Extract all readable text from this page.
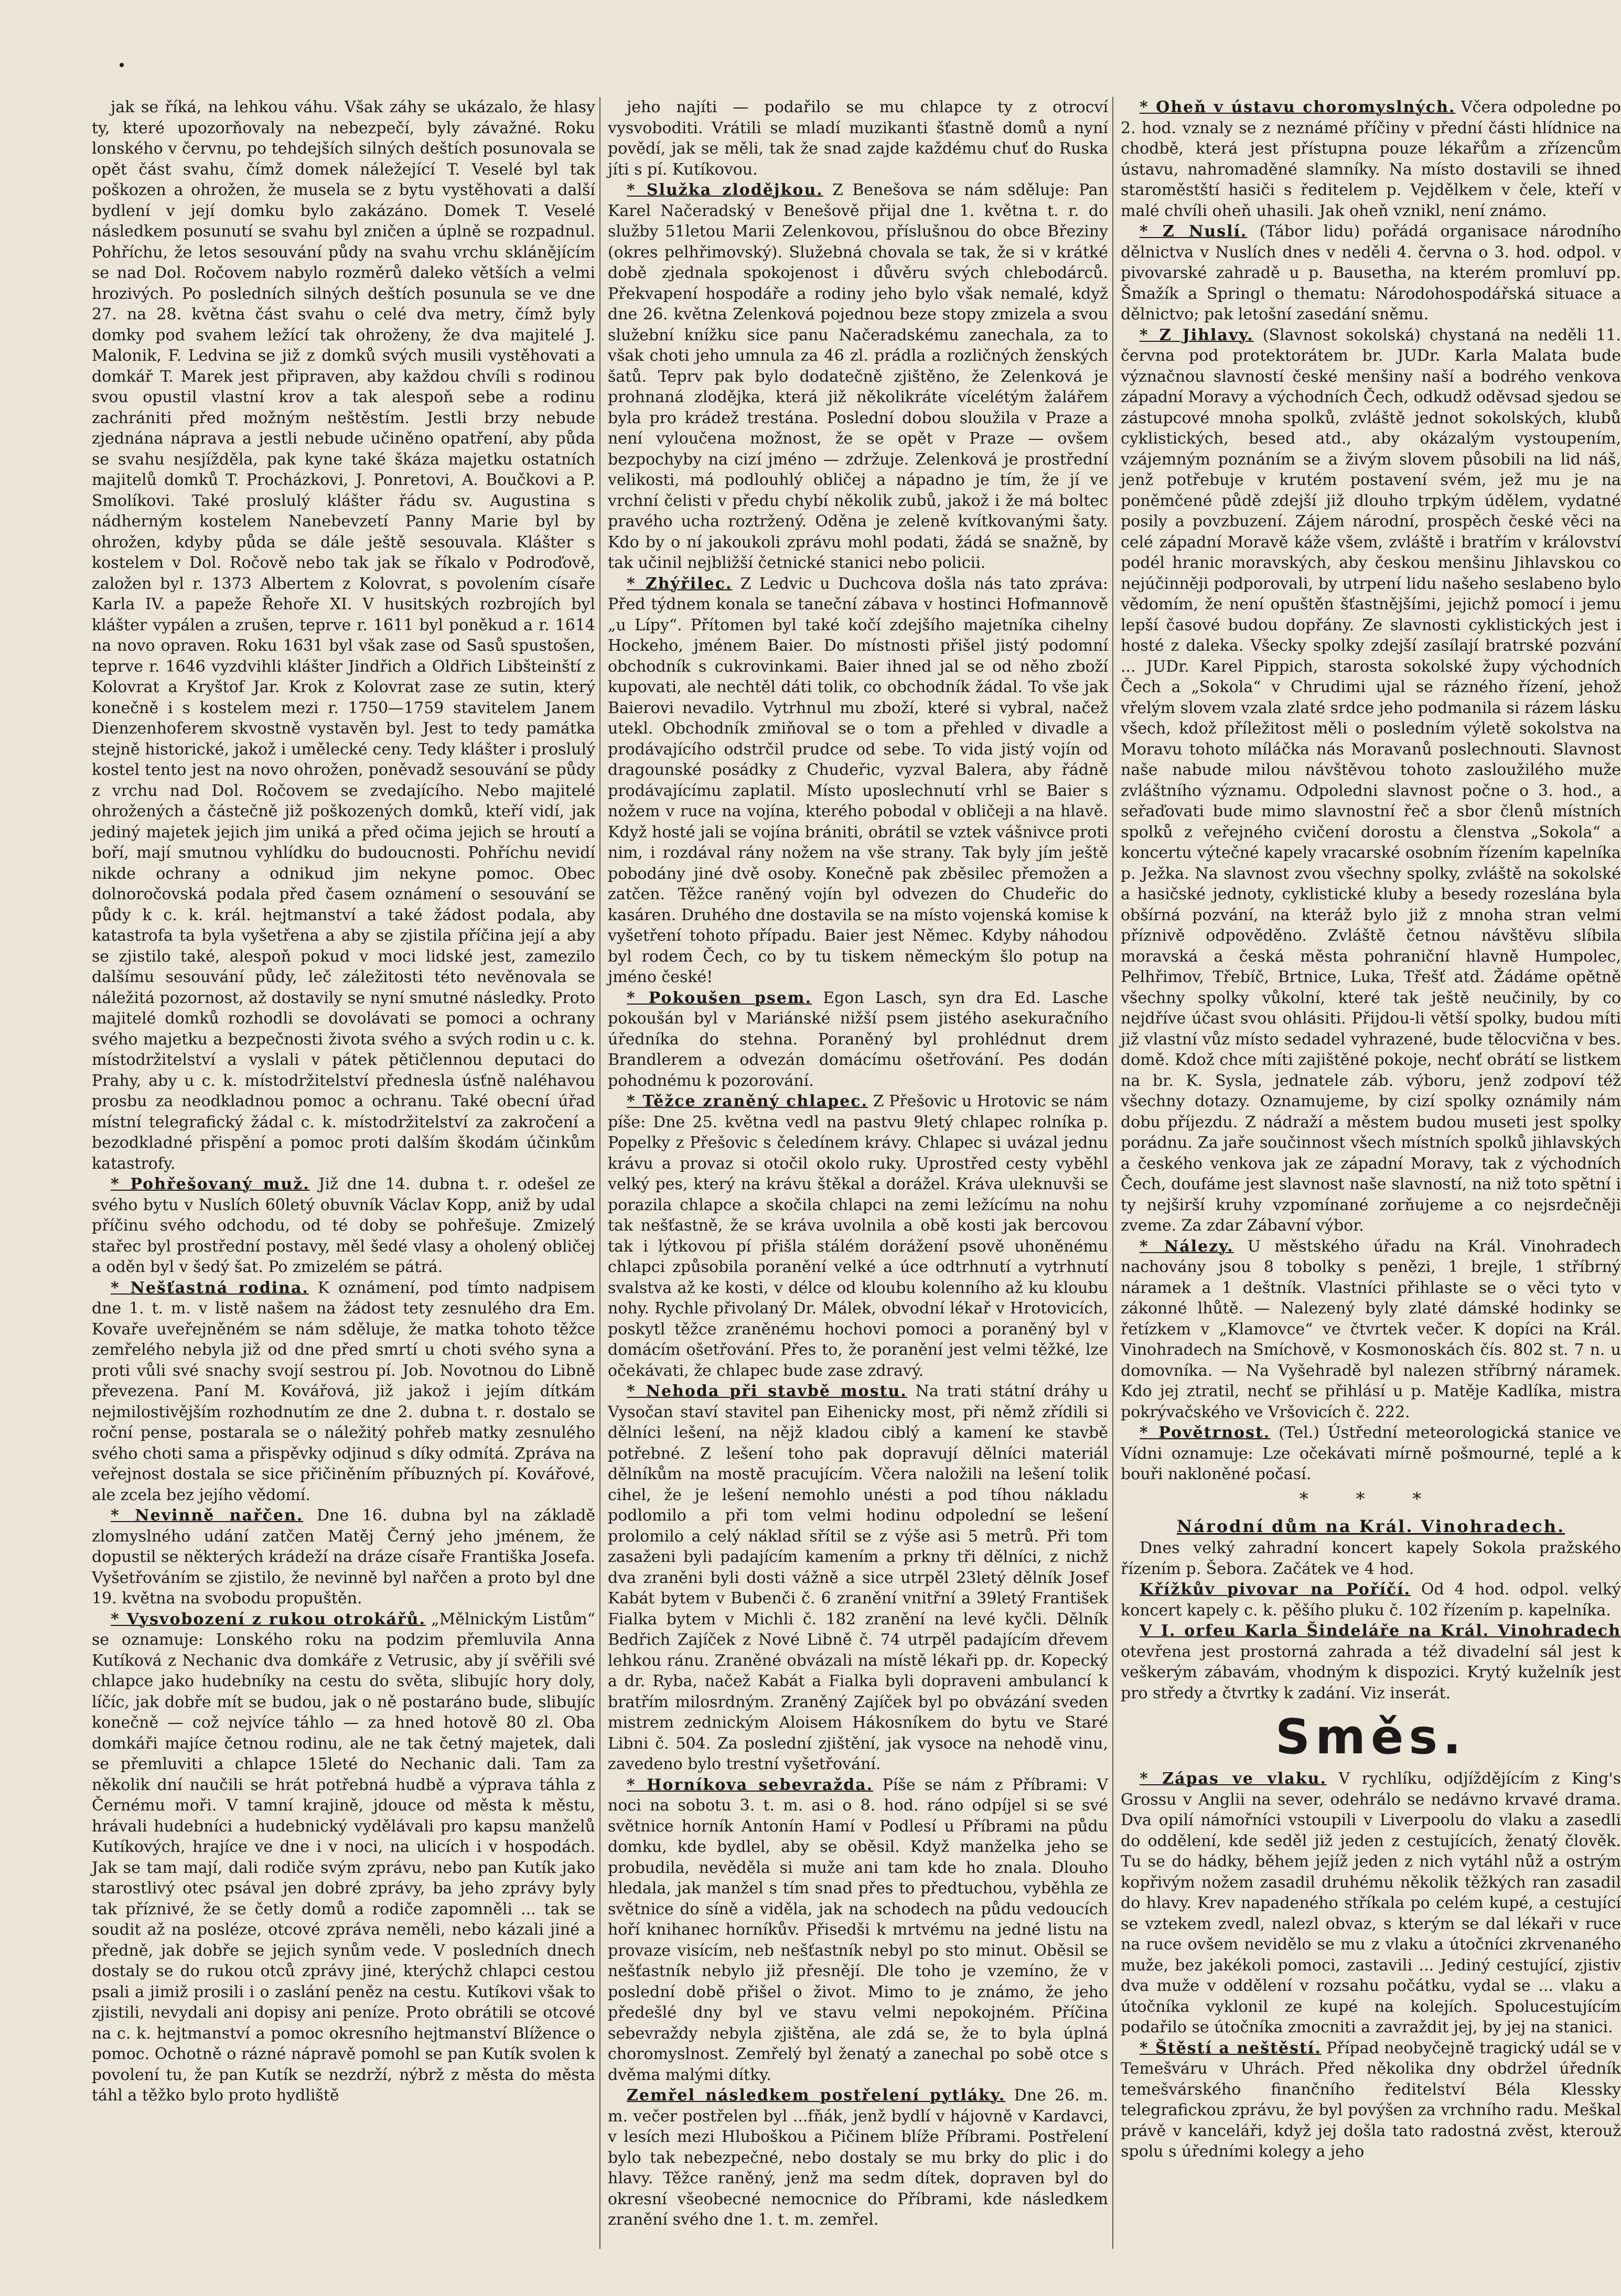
jak se říká, na lehkou váhu. Však záhy se ukázalo, že hlasy ty, které upozorňovaly na nebezpečí, byly závažné. Roku lonského v červnu, po tehdejších silných deštích posunovala se opět část svahu, čímž domek náležející T. Veselé byl tak poškozen a ohrožen, že musela se z bytu vystěhovati a další bydlení v její domku bylo zakázáno. Domek T. Veselé následkem posunutí se svahu byl zničen a úplně se rozpadnul. Pohříchu, že letos sesouvání půdy na svahu vrchu sklánějícím se nad Dol. Ročovem nabylo rozměrů daleko větších a velmi hrozivých. Po posledních silných deštích posunula se ve dne 27. na 28. května část svahu o celé dva metry, čímž byly domky pod svahem ležící tak ohroženy, že dva majitelé J. Malonik, F. Ledvina se již z domků svých musili vystěhovati a domkář T. Marek jest připraven, aby každou chvíli s rodinou svou opustil vlastní krov a tak alespoň sebe a rodinu zachrániti před možným neštěstím. Jestli brzy nebude zjednána náprava a jestli nebude učiněno opatření, aby půda se svahu nesjížděla, pak kyne také škáza majetku ostatních majitelů domků T. Procházkovi, J. Ponretovi, A. Boučkovi a P. Smolíkovi. Také proslulý klášter řádu sv. Augustina s nádherným kostelem Nanebevzetí Panny Marie byl by ohrožen, kdyby půda se dále ještě sesouvala. Klášter s kostelem v Dol. Ročově nebo tak jak se říkalo v Podroďově, založen byl r. 1373 Albertem z Kolovrat, s povolením císaře Karla IV. a papeže Řehoře XI. V husitských rozbrojích byl klášter vypálen a zrušen, teprve r. 1611 byl poněkud a r. 1614 na novo opraven. Roku 1631 byl však zase od Sasů spustošen, teprve r. 1646 vyzdvihli klášter Jindřich a Oldřich Libšteinští z Kolovrat a Kryštof Jar. Krok z Kolovrat zase ze sutin, který konečně i s kostelem mezi r. 1750—1759 stavitelem Janem Dienzenhoferem skvostně vystavěn byl. Jest to tedy památka stejně historické, jakož i umělecké ceny. Tedy klášter i proslulý kostel tento jest na novo ohrožen, poněvadž sesouvání se půdy z vrchu nad Dol. Ročovem se zvedajícího. Nebo majitelé ohrožených a částečně již poškozených domků, kteří vidí, jak jediný majetek jejich jim uniká a před očima jejich se hroutí a boří, mají smutnou vyhlídku do budoucnosti. Pohříchu nevidí nikde ochrany a odnikud jim nekyne pomoc. Obec dolnoročovská podala před časem oznámení o sesouvání se půdy k c. k. král. hejtmanství a také žádost podala, aby katastrofa ta byla vyšetřena a aby se zjistila příčina její a aby se zjistilo také, alespoň pokud v moci lidské jest, zamezilo dalšímu sesouvání půdy, leč záležitosti této nevěnovala se náležitá pozornost, až dostavily se nyní smutné následky. Proto majitelé domků rozhodli se dovolávati se pomoci a ochrany svého majetku a bezpečnosti života svého a svých rodin u c. k. místodržitelství a vyslali v pátek pětičlennou deputaci do Prahy, aby u c. k. místodržitelství přednesla úsťně naléhavou prosbu za neodkladnou pomoc a ochranu. Také obecní úřad místní telegrafický žádal c. k. místodržitelství za zakročení a bezodkladné přispění a pomoc proti dalším škodám účinkům katastrofy.

* Pohřešovaný muž. Již dne 14. dubna t. r. odešel ze svého bytu v Nuslích 60letý obuvník Václav Kopp, aniž by udal příčinu svého odchodu, od té doby se pohřešuje. Zmizelý stařec byl prostřední postavy, měl šedé vlasy a oholený obličej a oděn byl v šedý šat. Po zmizelém se pátrá.

* Nešťastná rodina. K oznámení, pod tímto nadpisem dne 1. t. m. v listě našem na žádost tety zesnulého dra Em. Kovaře uveřejněném se nám sděluje, že matka tohoto těžce zemřelého nebyla již od dne před smrtí u choti svého syna a proti vůli své snachy svojí sestrou pí. Job. Novotnou do Libně převezena. Paní M. Kovářová, již jakož i jejím dítkám nejmilostivějším rozhodnutím ze dne 2. dubna t. r. dostalo se roční pense, postarala se o náležitý pohřeb matky zesnulého svého choti sama a přispěvky odjinud s díky odmítá. Zpráva na veřejnost dostala se sice přičiněním příbuzných pí. Kovářové, ale zcela bez jejího vědomí.

* Nevinně nařčen. Dne 16. dubna byl na základě zlomyslného udání zatčen Matěj Černý jeho jménem, že dopustil se některých krádeží na dráze císaře Františka Josefa. Vyšetřováním se zjistilo, že nevinně byl nařčen a proto byl dne 19. května na svobodu propuštěn.

* Vysvobození z rukou otrokářů. „Mělnickým Listům“ se oznamuje: Lonského roku na podzim přemluvila Anna Kutíková z Nechanic dva domkáře z Vetrusic, aby jí svěřili své chlapce jako hudebníky na cestu do světa, slibujíc hory doly, líčíc, jak dobře mít se budou, jak o ně postaráno bude, slibujíc konečně — což nejvíce táhlo — za hned hotově 80 zl. Oba domkáři majíce četnou rodinu, ale ne tak četný majetek, dali se přemluviti a chlapce 15leté do Nechanic dali. Tam za několik dní naučili se hrát potřebná hudbě a výprava táhla z Černému moři. V tamní krajině, jdouce od města k městu, hrávali hudebníci a hudebnický vydělávali pro kapsu manželů Kutíkových, hrajíce ve dne i v noci, na ulicích i v hospodách. Jak se tam mají, dali rodiče svým zprávu, nebo pan Kutík jako starostlivý otec psával jen dobré zprávy, ba jeho zprávy byly tak příznivé, že se četly domů a rodiče zapomněli ... tak se soudit až na posléze, otcové zpráva neměli, nebo kázali jiné a předně, jak dobře se jejich synům vede. V posledních dnech dostaly se do rukou otců zprávy jiné, kterýchž chlapci cestou psali a jimiž prosili i o zaslání peněz na cestu. Kutíkovi však to zjistili, nevydali ani dopisy ani peníze. Proto obrátili se otcové na c. k. hejtmanství a pomoc okresního hejtmanství Blížence o pomoc. Ochotně o rázné nápravě pomohl se pan Kutík svolen k povolení tu, že pan Kutík se nezdrží, nýbrž z města do města táhl a těžko bylo proto hydliště

jeho najíti — podařilo se mu chlapce ty z otrocví vysvoboditi. Vrátili se mladí muzikanti šťastně domů a nyní povědí, jak se měli, tak že snad zajde každému chuť do Ruska jíti s pí. Kutíkovou.

* Služka zlodějkou. Z Benešova se nám sděluje: Pan Karel Načeradský v Benešově přijal dne 1. května t. r. do služby 51letou Marii Zelenkovou, příslušnou do obce Březiny (okres pelhřimovský). Služebná chovala se tak, že si v krátké době zjednala spokojenost i důvěru svých chlebodárců. Překvapení hospodáře a rodiny jeho bylo však nemalé, když dne 26. května Zelenková pojednou beze stopy zmizela a svou služební knížku sice panu Načeradskému zanechala, za to však choti jeho umnula za 46 zl. prádla a rozličných ženských šatů. Teprv pak bylo dodatečně zjištěno, že Zelenková je prohnaná zlodějka, která již několikráte vícelétým žalářem byla pro krádež trestána. Poslední dobou sloužila v Praze a není vyloučena možnost, že se opět v Praze — ovšem bezpochyby na cizí jméno — zdržuje. Zelenková je prostřední velikosti, má podlouhlý obličej a nápadno je tím, že jí ve vrchní čelisti v předu chybí několik zubů, jakož i že má boltec pravého ucha roztržený. Oděna je zeleně kvítkovanými šaty. Kdo by o ní jakoukoli zprávu mohl podati, žádá se snažně, by tak učinil nejbližší četnické stanici nebo policii.

* Zhýřilec. Z Ledvic u Duchcova došla nás tato zpráva: Před týdnem konala se taneční zábava v hostinci Hofmannově „u Lípy“. Přítomen byl také kočí zdejšího majetníka cihelny Hockeho, jménem Baier. Do místnosti přišel jistý podomní obchodník s cukrovinkami. Baier ihned jal se od něho zboží kupovati, ale nechtěl dáti tolik, co obchodník žádal. To vše jak Baierovi nevadilo. Vytrhnul mu zboží, které si vybral, načež utekl. Obchodník zmiňoval se o tom a přehled v divadle a prodávajícího odstrčil prudce od sebe. To vida jistý vojín od dragounské posádky z Chudeřic, vyzval Balera, aby řádně prodávajícímu zaplatil. Místo uposlechnutí vrhl se Baier s nožem v ruce na vojína, kterého pobodal v obličeji a na hlavě. Když hosté jali se vojína brániti, obrátil se vztek vášnivce proti nim, i rozdával rány nožem na vše strany. Tak byly jím ještě pobodány jiné dvě osoby. Konečně pak zběsilec přemožen a zatčen. Těžce raněný vojín byl odvezen do Chudeřic do kasáren. Druhého dne dostavila se na místo vojenská komise k vyšetření tohoto případu. Baier jest Němec. Kdyby náhodou byl rodem Čech, co by tu tiskem německým šlo potup na jméno české!

* Pokoušen psem. Egon Lasch, syn dra Ed. Lasche pokoušán byl v Mariánské nižší psem jistého asekuračního úředníka do stehna. Poraněný byl prohlédnut drem Brandlerem a odvezán domácímu ošetřování. Pes dodán pohodnému k pozorování.

* Těžce zraněný chlapec. Z Přešovic u Hrotovic se nám píše: Dne 25. května vedl na pastvu 9letý chlapec rolníka p. Popelky z Přešovic s čeledínem krávy. Chlapec si uvázal jednu krávu a provaz si otočil okolo ruky. Uprostřed cesty vyběhl velký pes, který na krávu štěkal a dorážel. Kráva uleknuvši se porazila chlapce a skočila chlapci na zemi ležícímu na nohu tak nešťastně, že se kráva uvolnila a obě kosti jak bercovou tak i lýtkovou pí přišla stálém dorážení psově uhoněnému chlapci způsobila poranění velké a úce odtrhnutí a vytrhnutí svalstva až ke kosti, v délce od kloubu kolenního až ku kloubu nohy. Rychle přivolaný Dr. Málek, obvodní lékař v Hrotovicích, poskytl těžce zraněnému hochovi pomoci a poraněný byl v domácím ošetřování. Přes to, že poranění jest velmi těžké, lze očekávati, že chlapec bude zase zdravý.

* Nehoda při stavbě mostu. Na trati státní dráhy u Vysočan staví stavitel pan Eihenicky most, při němž zřídili si dělníci lešení, na nějž kladou ciblý a kamení ke stavbě potřebné. Z lešení toho pak dopravují dělníci materiál dělníkům na mostě pracujícím. Včera naložili na lešení tolik cihel, že je lešení nemohlo unésti a pod tíhou nákladu podlomilo a při tom velmi hodinu odpolední se lešení prolomilo a celý náklad sřítil se z výše asi 5 metrů. Při tom zasaženi byli padajícím kamením a prkny tři dělníci, z nichž dva zraněni byli dosti vážně a sice utrpěl 23letý dělník Josef Kabát bytem v Bubenči č. 6 zranění vnitřní a 39letý František Fialka bytem v Michli č. 182 zranění na levé kyčli. Dělník Bedřich Zajíček z Nové Libně č. 74 utrpěl padajícím dřevem lehkou ránu. Zraněné obvázali na místě lékaři pp. dr. Kopecký a dr. Ryba, načež Kabát a Fialka byli dopraveni ambulancí k bratřím milosrdným. Zraněný Zajíček byl po obvázání sveden mistrem zednickým Aloisem Hákosníkem do bytu ve Staré Libni č. 504. Za poslední zjištění, jak vysoce na nehodě vinu, zavedeno bylo trestní vyšetřování.

* Horníkova sebevražda. Píše se nám z Příbrami: V noci na sobotu 3. t. m. asi o 8. hod. ráno odpíjel si se své světnice horník Antonín Hamí v Podlesí u Příbrami na půdu domku, kde bydlel, aby se oběsil. Když manželka jeho se probudila, nevěděla si muže ani tam kde ho znala. Dlouho hledala, jak manžel s tím snad přes to předtuchou, vyběhla ze světnice do síně a viděla, jak na schodech na půdu vedoucích hoří knihanec horníkův. Přisedši k mrtvému na jedné listu na provaze visícím, neb nešťastník nebyl po sto minut. Oběsil se nešťastník nebylo již přesnějí. Dle toho je vzemíno, že v poslední době přišel o život. Mimo to je známo, že jeho předešlé dny byl ve stavu velmi nepokojném. Příčina sebevraždy nebyla zjištěna, ale zdá se, že to byla úplná choromyslnost. Zemřelý byl ženatý a zanechal po sobě otce s dvěma malými dítky.

Zemřel následkem postřelení pytláky. Dne 26. m. m. večer postřelen byl ...fňák, jenž bydlí v hájovně v Kardavci, v lesích mezi Hluboškou a Pičinem blíže Příbrami. Postřelení bylo tak nebezpečné, nebo dostaly se mu brky do plic i do hlavy. Těžce raněný, jenž ma sedm dítek, dopraven byl do okresní všeobecné nemocnice do Příbrami, kde následkem zranění svého dne 1. t. m. zemřel.

* Oheň v ústavu choromyslných. Včera odpoledne po 2. hod. vznaly se z neznámé příčiny v přední části hlídnice na chodbě, která jest přístupna pouze lékařům a zřízencům ústavu, nahromaděné slamníky. Na místo dostavili se ihned staroměstští hasiči s ředitelem p. Vejdělkem v čele, kteří v malé chvíli oheň uhasili. Jak oheň vznikl, není známo.

* Z Nuslí. (Tábor lidu) pořádá organisace národního dělnictva v Nuslích dnes v neděli 4. června o 3. hod. odpol. v pivovarské zahradě u p. Bausetha, na kterém promluví pp. Šmažík a Springl o thematu: Národohospodářská situace a dělnictvo; pak letošní zasedání sněmu.

* Z Jihlavy. (Slavnost sokolská) chystaná na neděli 11. června pod protektorátem br. JUDr. Karla Malata bude význačnou slavností české menšiny naší a bodrého venkova západní Moravy a východních Čech, odkudž oděvsad sjedou se zástupcové mnoha spolků, zvláště jednot sokolských, klubů cyklistických, besed atd., aby okázalým vystoupením, vzájemným poznáním se a živým slovem působili na lid náš, jenž potřebuje v krutém postavení svém, jež mu je na poněmčené půdě zdejší již dlouho trpkým údělem, vydatné posily a povzbuzení. Zájem národní, prospěch české věci na celé západní Moravě káže všem, zvláště i bratřím v království podél hranic moravských, aby českou menšinu Jihlavskou co nejúčinněji podporovali, by utrpení lidu našeho seslabeno bylo vědomím, že není opuštěn šťastnějšími, jejichž pomocí i jemu lepší časové budou dopřány. Ze slavnosti cyklistických jest i hosté z daleka. Všecky spolky zdejší zasílají bratrské pozvání ... JUDr. Karel Pippich, starosta sokolské župy východních Čech a „Sokola“ v Chrudimi ujal se rázného řízení, jehož vřelým slovem vzala zlaté srdce jeho podmanila si rázem lásku všech, kdož příležitost měli o posledním výletě sokolstva na Moravu tohoto míláčka nás Moravanů poslechnouti. Slavnost naše nabude milou návštěvou tohoto zasloužilého muže zvláštního významu. Odpoledni slavnost počne o 3. hod., a seřaďovati bude mimo slavnostní řeč a sbor členů místních spolků z veřejného cvičení dorostu a členstva „Sokola“ a koncertu výtečné kapely vracarské osobním řízením kapelníka p. Ježka. Na slavnost zvou všechny spolky, zvláště na sokolské a hasičské jednoty, cyklistické kluby a besedy rozeslána byla obšírná pozvání, na kteráž bylo již z mnoha stran velmi příznivě odpověděno. Zvláště četnou návštěvu slíbila moravská a česká města pohraniční hlavně Humpolec, Pelhřimov, Třebíč, Brtnice, Luka, Třešť atd. Žádáme opětně všechny spolky vůkolní, které tak ještě neučinily, by co nejdříve účast svou ohlásiti. Přijdou-li větší spolky, budou míti již vlastní vůz místo sedadel vyhrazené, bude tělocvična v bes. domě. Kdož chce míti zajištěné pokoje, nechť obrátí se listkem na br. K. Sysla, jednatele záb. výboru, jenž zodpoví též všechny dotazy. Oznamujeme, by cizí spolky oznámily nám dobu příjezdu. Z nádraží a městem budou museti jest spolky porádnu. Za jaře součinnost všech místních spolků jihlavských a českého venkova jak ze západní Moravy, tak z východních Čech, doufáme jest slavnost naše slavností, na niž toto spětní i ty nejširší kruhy vzpomínané zorňujeme a co nejsrdečněji zveme. Za zdar Zábavní výbor.

* Nálezy. U městského úřadu na Král. Vinohradech nachovány jsou 8 tobolky s penězi, 1 brejle, 1 stříbrný náramek a 1 deštník. Vlastníci přihlaste se o věci tyto v zákonné lhůtě. — Nalezený byly zlaté dámské hodinky se řetízkem v „Klamovce“ ve čtvrtek večer. K dopíci na Král. Vinohradech na Smíchově, v Kosmonoskách čís. 802 st. 7 n. u domovníka. — Na Vyšehradě byl nalezen stříbrný náramek. Kdo jej ztratil, nechť se přihlásí u p. Matěje Kadlíka, mistra pokrývačského ve Vršovicích č. 222.

* Povětrnost. (Tel.) Ústřední meteorologická stanice ve Vídni oznamuje: Lze očekávati mírně pošmourné, teplé a k bouři nakloněné počasí.

* * *
Národní dům na Král. Vinohradech.

Dnes velký zahradní koncert kapely Sokola pražského řízením p. Šebora. Začátek ve 4 hod.

Křížkův pivovar na Poříčí. Od 4 hod. odpol. velký koncert kapely c. k. pěšího pluku č. 102 řízením p. kapelníka.

V I. orfeu Karla Šindeláře na Král. Vinohradech otevřena jest prostorná zahrada a též divadelní sál jest k veškerým zábavám, vhodným k dispozici. Krytý kuželník jest pro středy a čtvrtky k zadání. Viz inserát.

Směs.

* Zápas ve vlaku. V rychlíku, odjíždějícím z King's Grossu v Anglii na sever, odehrálo se nedávno krvavé drama. Dva opilí námořníci vstoupili v Liverpoolu do vlaku a zasedli do oddělení, kde seděl již jeden z cestujících, ženatý člověk. Tu se do hádky, během jejíž jeden z nich vytáhl nůž a ostrým kopřivým nožem zasadil druhému několik těžkých ran zasadil do hlavy. Krev napadeného stříkala po celém kupé, a cestující se vztekem zvedl, nalezl obvaz, s kterým se dal lékaři v ruce na ruce ovšem nevidělo se mu z vlaku a útočníci zkrvenaného muže, bez jakékoli pomoci, zastavili ... Jediný cestující, zjistiv dva muže v oddělení v rozsahu počátku, vydal se ... vlaku a útočníka vyklonil ze kupé na kolejích. Spolucestujícím podařilo se útočníka zmocniti a zavraždit jej, by jej na stanici.

* Štěstí a neštěstí. Případ neobyčejně tragický udál se v Temešváru v Uhrách. Před několika dny obdržel úředník temešvárského finančního ředitelství Béla Klessky telegrafickou zprávu, že byl povýšen za vrchního radu. Meškal právě v kanceláři, když jej došla tato radostná zvěst, kterouž spolu s úředními kolegy a jeho
